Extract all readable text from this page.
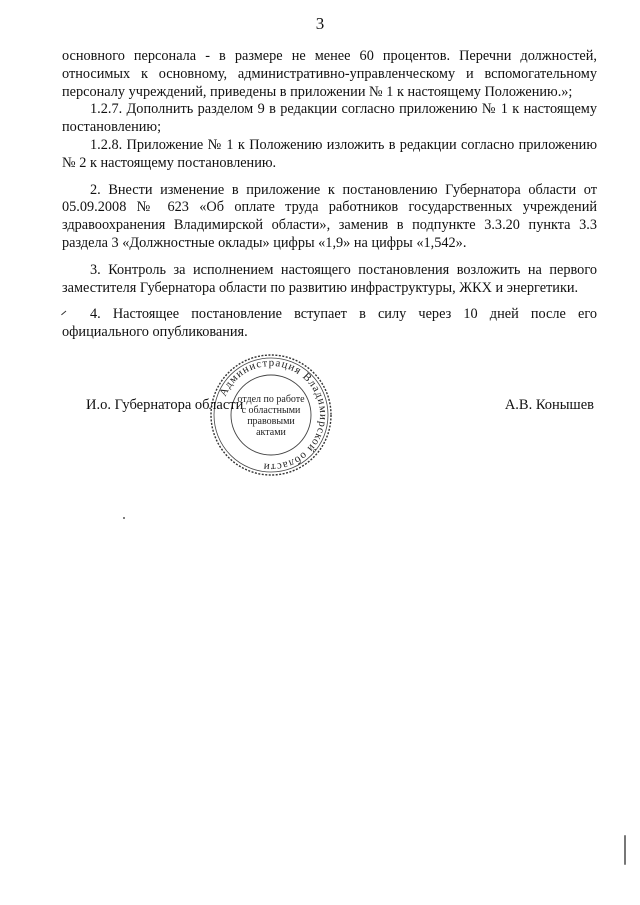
3

основного персонала - в размере не менее 60 процентов. Перечни должностей, относимых к основному, административно-управленческому и вспомогательному персоналу учреждений, приведены в приложении № 1 к настоящему Положению.»;

1.2.7. Дополнить разделом 9 в редакции согласно приложению № 1 к настоящему постановлению;

1.2.8. Приложение № 1 к Положению изложить в редакции согласно приложению № 2 к настоящему постановлению.

2. Внести изменение в приложение к постановлению Губернатора области от 05.09.2008 № 623 «Об оплате труда работников государственных учреждений здравоохранения Владимирской области», заменив в подпункте 3.3.20 пункта 3.3 раздела 3 «Должностные оклады» цифры «1,9» на цифры «1,542».

3. Контроль за исполнением настоящего постановления возложить на первого заместителя Губернатора области по развитию инфраструктуры, ЖКХ и энергетики.

4. Настоящее постановление вступает в силу через 10 дней после его официального опубликования.

Администрация Владимирской области
отдел по работе
с областными
правовыми
актами
И.о. Губернатора области	А.В. Конышев
